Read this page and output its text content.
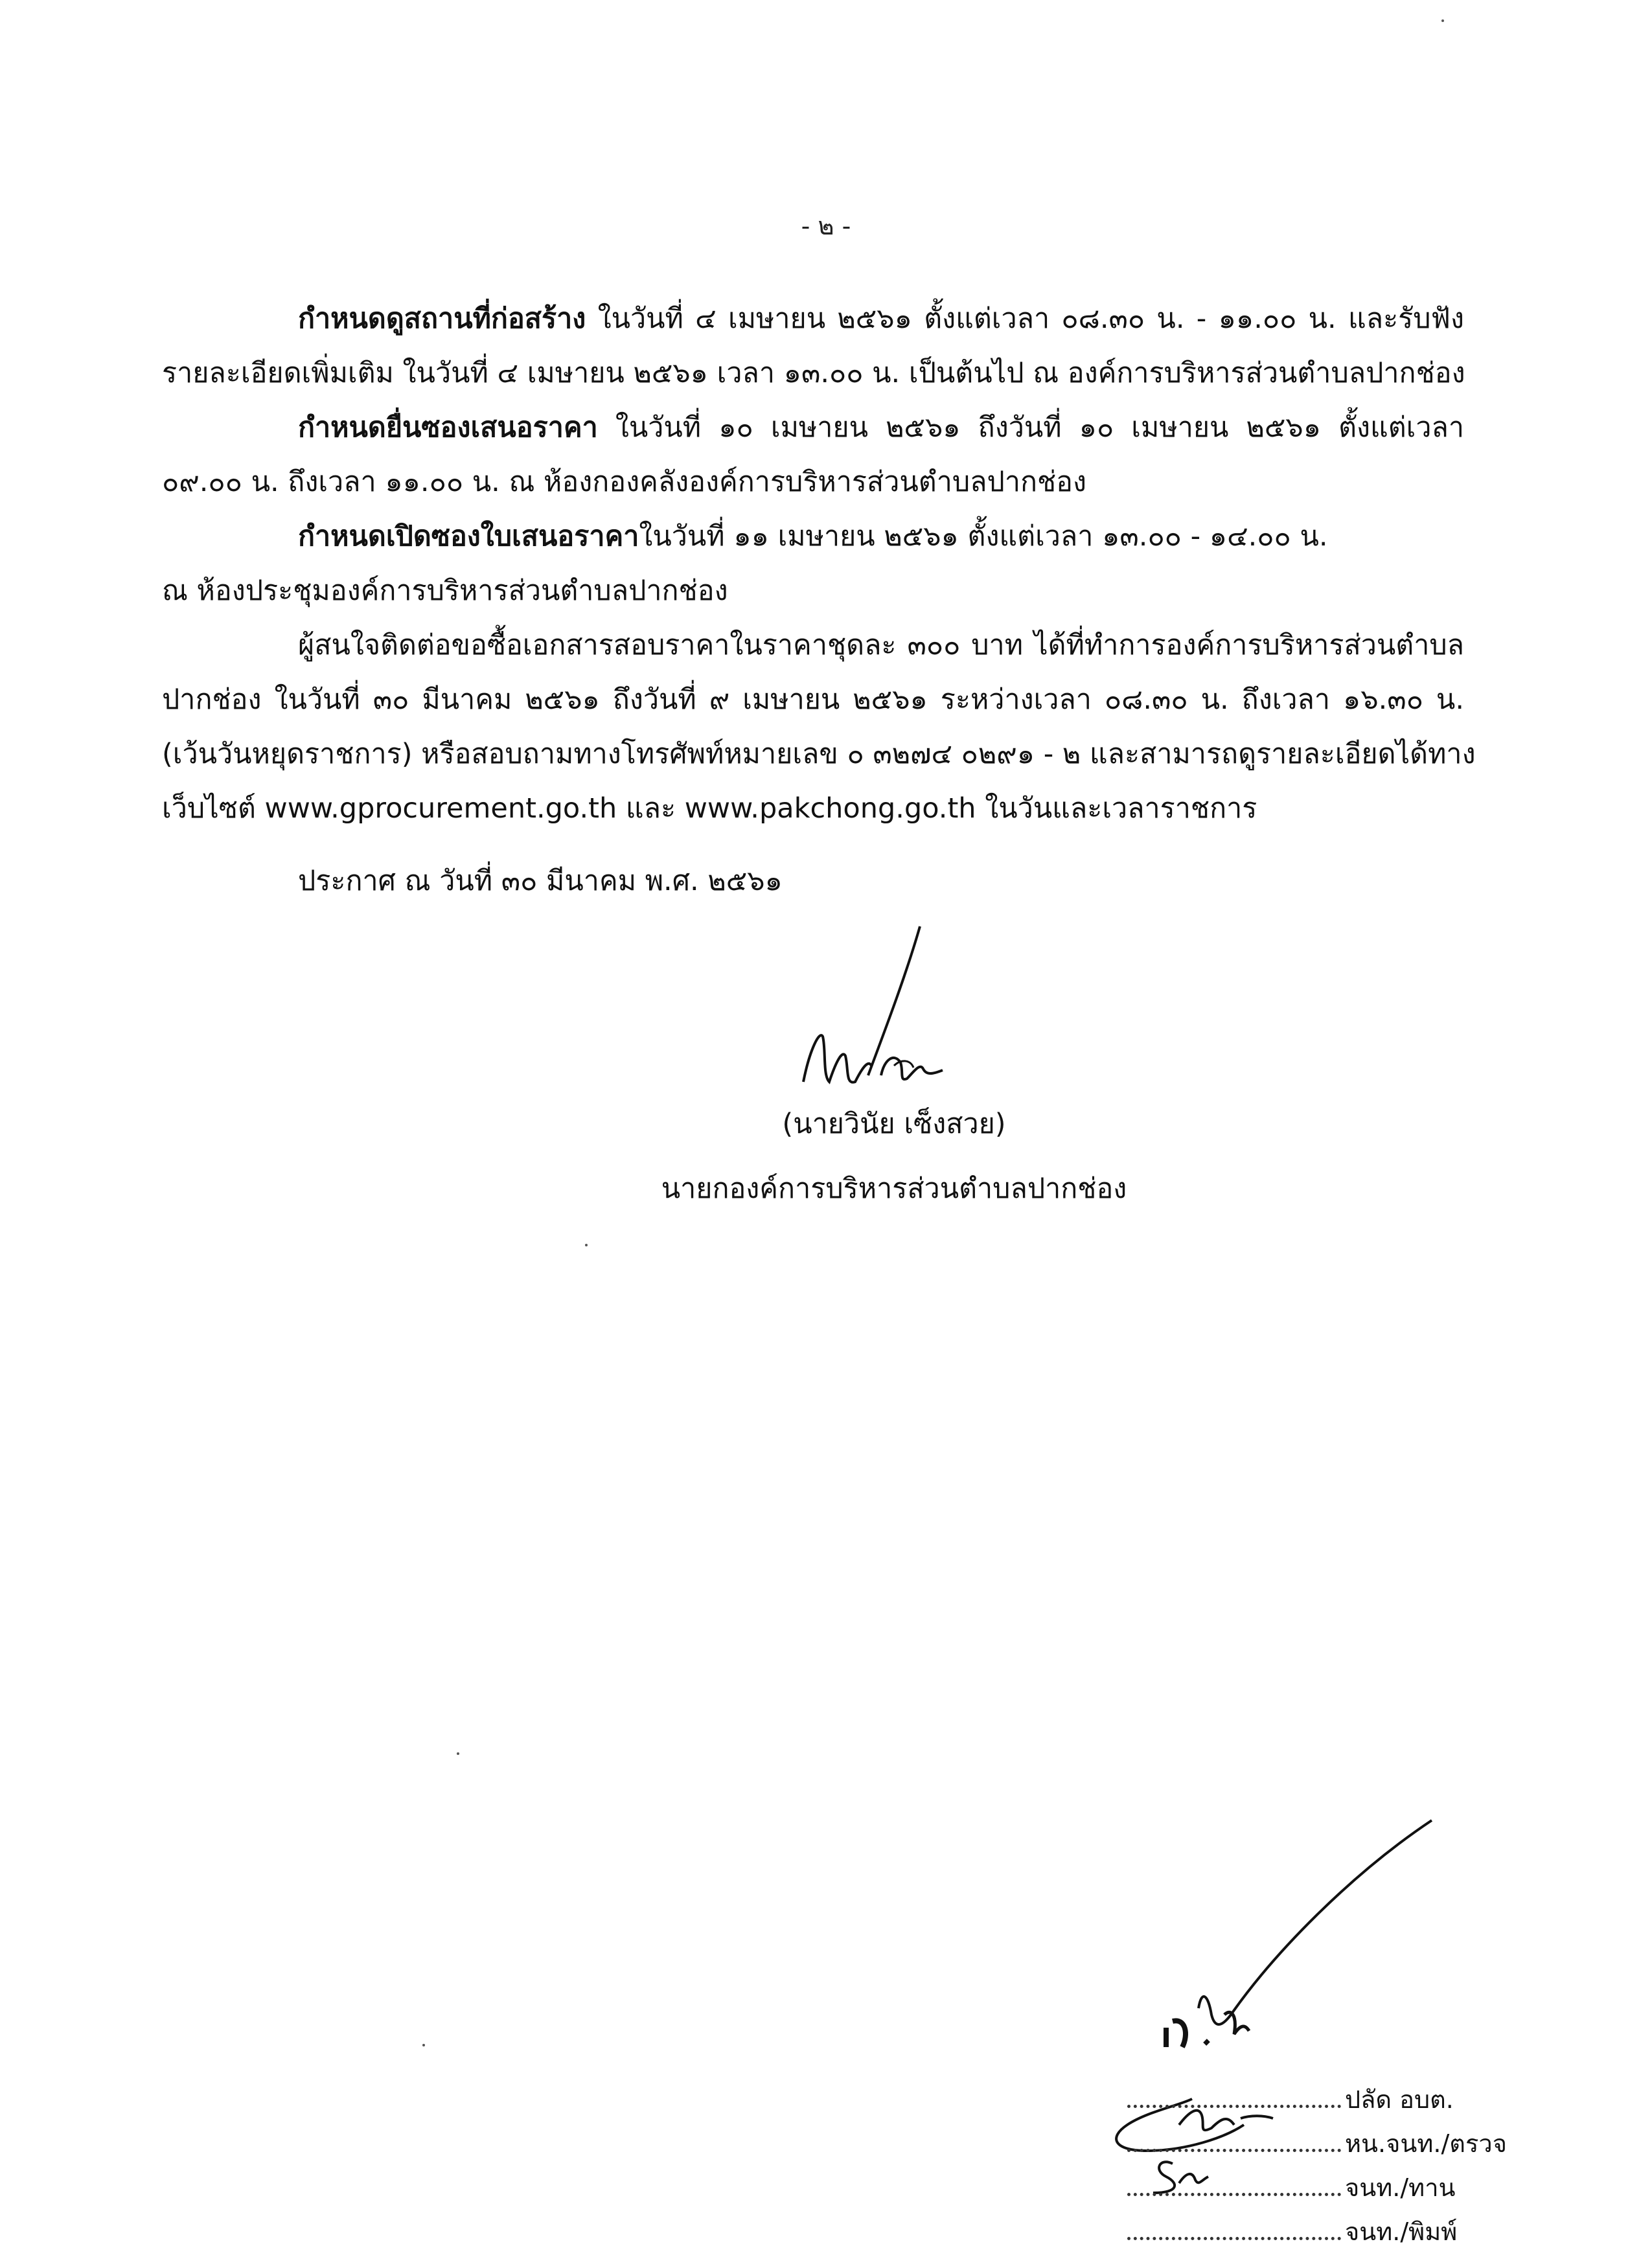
- ๒ -
กำหนดดูสถานที่ก่อสร้าง ในวันที่ ๔ เมษายน ๒๕๖๑ ตั้งแต่เวลา ๐๘.๓๐ น. - ๑๑.๐๐ น. และรับฟัง
รายละเอียดเพิ่มเติม ในวันที่ ๔ เมษายน ๒๕๖๑ เวลา ๑๓.๐๐ น. เป็นต้นไป ณ องค์การบริหารส่วนตำบลปากช่อง
กำหนดยื่นซองเสนอราคา ในวันที่ ๑๐ เมษายน ๒๕๖๑ ถึงวันที่ ๑๐ เมษายน ๒๕๖๑ ตั้งแต่เวลา
๐๙.๐๐ น. ถึงเวลา ๑๑.๐๐ น. ณ ห้องกองคลังองค์การบริหารส่วนตำบลปากช่อง
กำหนดเปิดซองใบเสนอราคาในวันที่ ๑๑ เมษายน ๒๕๖๑ ตั้งแต่เวลา ๑๓.๐๐ - ๑๔.๐๐ น.
ณ ห้องประชุมองค์การบริหารส่วนตำบลปากช่อง
ผู้สนใจติดต่อขอซื้อเอกสารสอบราคาในราคาชุดละ ๓๐๐ บาท ได้ที่ทำการองค์การบริหารส่วนตำบล
ปากช่อง ในวันที่ ๓๐ มีนาคม ๒๕๖๑ ถึงวันที่ ๙ เมษายน ๒๕๖๑ ระหว่างเวลา ๐๘.๓๐ น. ถึงเวลา ๑๖.๓๐ น.
(เว้นวันหยุดราชการ) หรือสอบถามทางโทรศัพท์หมายเลข ๐ ๓๒๗๔ ๐๒๙๑ - ๒ และสามารถดูรายละเอียดได้ทาง
เว็บไซต์ www.gprocurement.go.th และ www.pakchong.go.th ในวันและเวลาราชการ
ประกาศ ณ วันที่ ๓๐ มีนาคม พ.ศ. ๒๕๖๑
(นายวินัย เซ็งสวย)
นายกองค์การบริหารส่วนตำบลปากช่อง
ปลัด อบต.
หน.จนท./ตรวจ
จนท./ทาน
จนท./พิมพ์
